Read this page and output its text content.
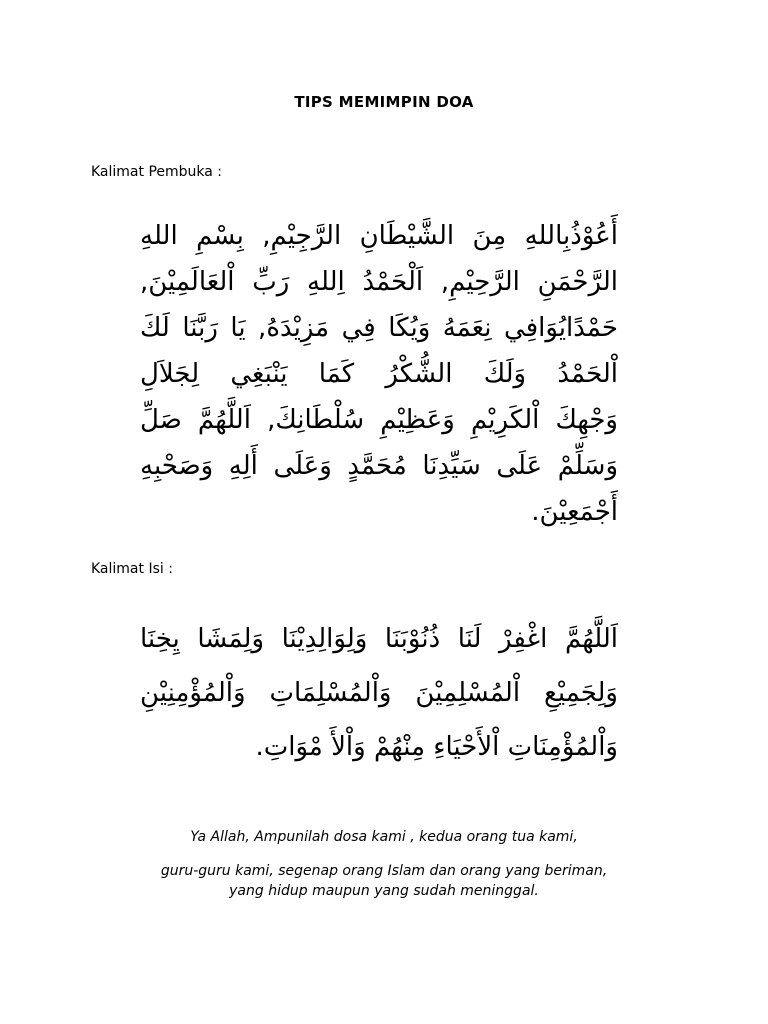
TIPS MEMIMPIN DOA
Kalimat Pembuka :
أَعُوْذُبِاللهِ مِنَ الشَّيْطَانِ الرَّجِيْمِ, بِسْمِ اللهِ
الرَّحْمَنِ الرَّحِيْمِ, اَلْحَمْدُ اِللهِ رَبِّ اْلعَالَمِيْنَ,
حَمْدًايُوَافِي نِعَمَهُ وَيُكَا فِي مَزِيْدَهُ, يَا رَبَّنَا لَكَ
اْلحَمْدُ وَلَكَ الشُّكْرُ كَمَا يَنْبَغِي لِجَلاَلِ
وَجْهِكَ اْلكَرِيْمِ وَعَظِيْمِ سُلْطَانِكَ, اَللَّهُمَّ صَلِّ
وَسَلِّمْ عَلَى سَيِّدِنَا مُحَمَّدٍ وَعَلَى أَلِهِ وَصَحْبِهِ
أَجْمَعِيْنَ.
Kalimat Isi :
اَللَّهُمَّ اغْفِرْ لَنَا ذُنُوْبَنَا وَلِوَالِدِيْنَا وَلِمَشَا يِخِنَا
وَلِجَمِيْعِ اْلمُسْلِمِيْنَ وَاْلمُسْلِمَاتِ وَاْلمُؤْمِنِيْنِ
وَاْلمُؤْمِنَاتِ اْلأَحْيَاءِ مِنْهُمْ وَاْلأَ مْوَاتِ.
Ya Allah, Ampunilah dosa kami , kedua orang tua kami,
guru-guru kami, segenap orang Islam dan orang yang beriman,
yang hidup maupun yang sudah meninggal.
